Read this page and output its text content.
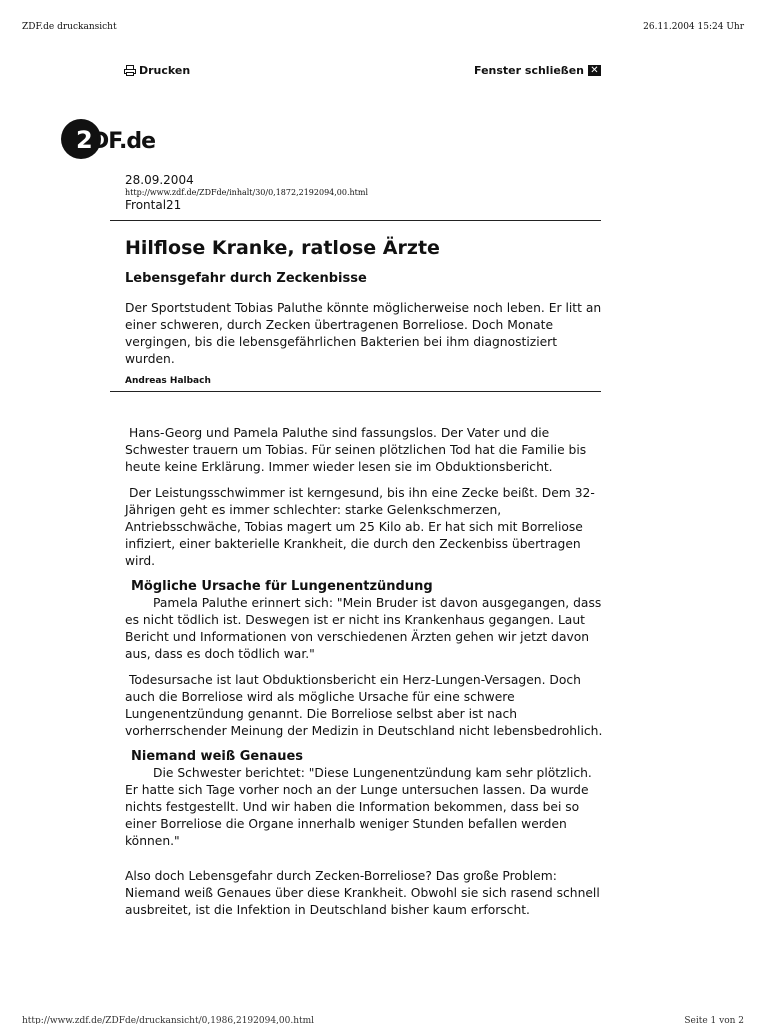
ZDF.de druckansicht	26.11.2004 15:24 Uhr
Drucken	Fenster schließen ✕
2
DF.de
28.09.2004
http://www.zdf.de/ZDFde/inhalt/30/0,1872,2192094,00.html
Frontal21
Hilflose Kranke, ratlose Ärzte
Lebensgefahr durch Zeckenbisse

Der Sportstudent Tobias Paluthe könnte möglicherweise noch leben. Er litt an einer schweren, durch Zecken übertragenen Borreliose. Doch Monate vergingen, bis die lebensgefährlichen Bakterien bei ihm diagnostiziert wurden.

Andreas Halbach

Hans-Georg und Pamela Paluthe sind fassungslos. Der Vater und die Schwester trauern um Tobias. Für seinen plötzlichen Tod hat die Familie bis heute keine Erklärung. Immer wieder lesen sie im Obduktionsbericht.

Der Leistungsschwimmer ist kerngesund, bis ihn eine Zecke beißt. Dem 32-Jährigen geht es immer schlechter: starke Gelenkschmerzen, Antriebsschwäche, Tobias magert um 25 Kilo ab. Er hat sich mit Borreliose infiziert, einer bakterielle Krankheit, die durch den Zeckenbiss übertragen wird.

Mögliche Ursache für Lungenentzündung

Pamela Paluthe erinnert sich: "Mein Bruder ist davon ausgegangen, dass es nicht tödlich ist. Deswegen ist er nicht ins Krankenhaus gegangen. Laut Bericht und Informationen von verschiedenen Ärzten gehen wir jetzt davon aus, dass es doch tödlich war."

Todesursache ist laut Obduktionsbericht ein Herz-Lungen-Versagen. Doch auch die Borreliose wird als mögliche Ursache für eine schwere Lungenentzündung genannt. Die Borreliose selbst aber ist nach vorherrschender Meinung der Medizin in Deutschland nicht lebensbedrohlich.

Niemand weiß Genaues

Die Schwester berichtet: "Diese Lungenentzündung kam sehr plötzlich. Er hatte sich Tage vorher noch an der Lunge untersuchen lassen. Da wurde nichts festgestellt. Und wir haben die Information bekommen, dass bei so einer Borreliose die Organe innerhalb weniger Stunden befallen werden können."

Also doch Lebensgefahr durch Zecken-Borreliose? Das große Problem: Niemand weiß Genaues über diese Krankheit. Obwohl sie sich rasend schnell ausbreitet, ist die Infektion in Deutschland bisher kaum erforscht.

http://www.zdf.de/ZDFde/druckansicht/0,1986,2192094,00.html	Seite 1 von 2
